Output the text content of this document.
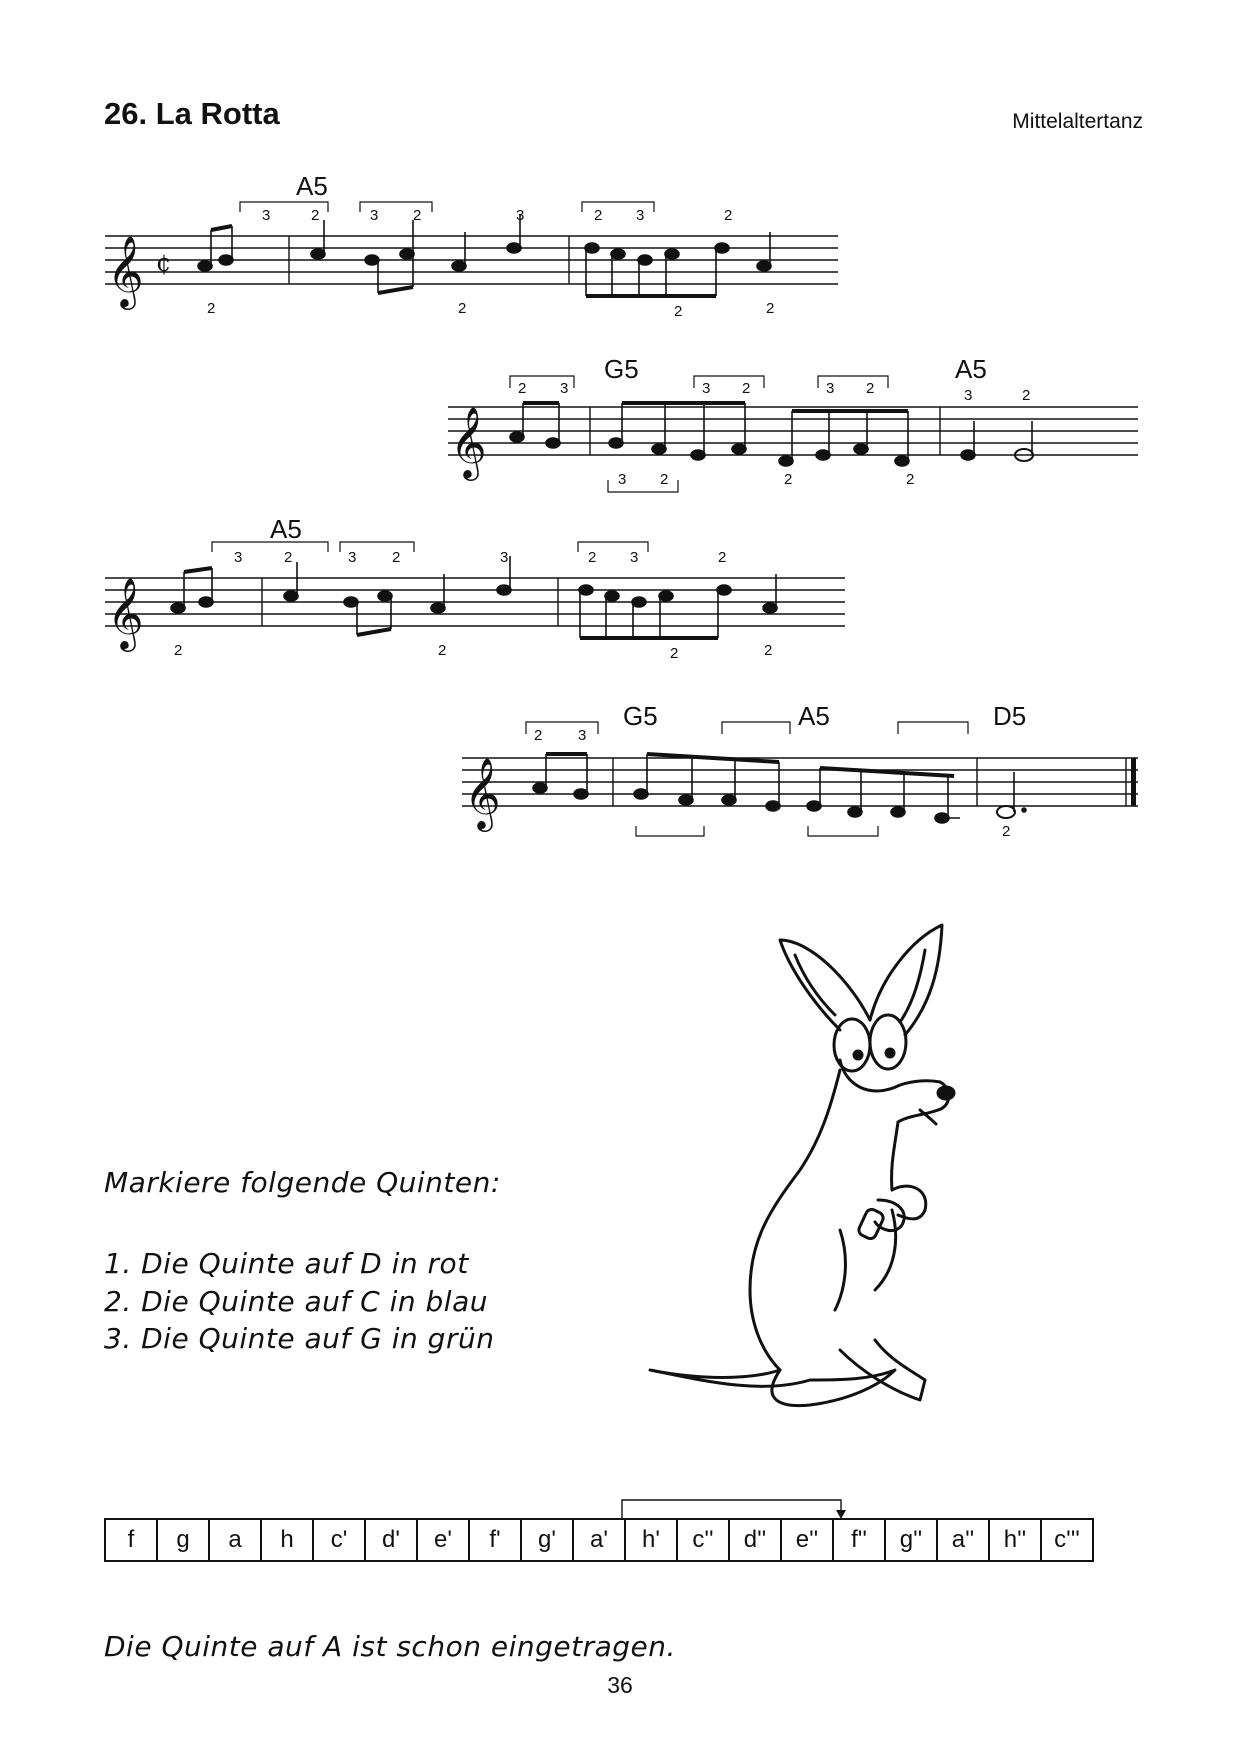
26. La Rotta	Mittelaltertanz
𝄞
𝄞
𝄞
𝄞
¢
A5
G5	A5
A5
G5	A5	D5
3	2	3 2	3	2 3	2
2	2	2	2
2 3	3 2	3 2	3	2
2
3 2	2
3	2	3 2	3	2 3	2
2	2	2	2
2 3
2
Markiere folgende Quinten:
1. Die Quinte auf D in rot
2. Die Quinte auf C in blau
3. Die Quinte auf G in grün
f	g	a	h	c'	d'	e'	f'	g'	a'	h'	c''	d''	e''	f''	g''	a''	h''	c'''
Die Quinte auf A ist schon eingetragen.
36
